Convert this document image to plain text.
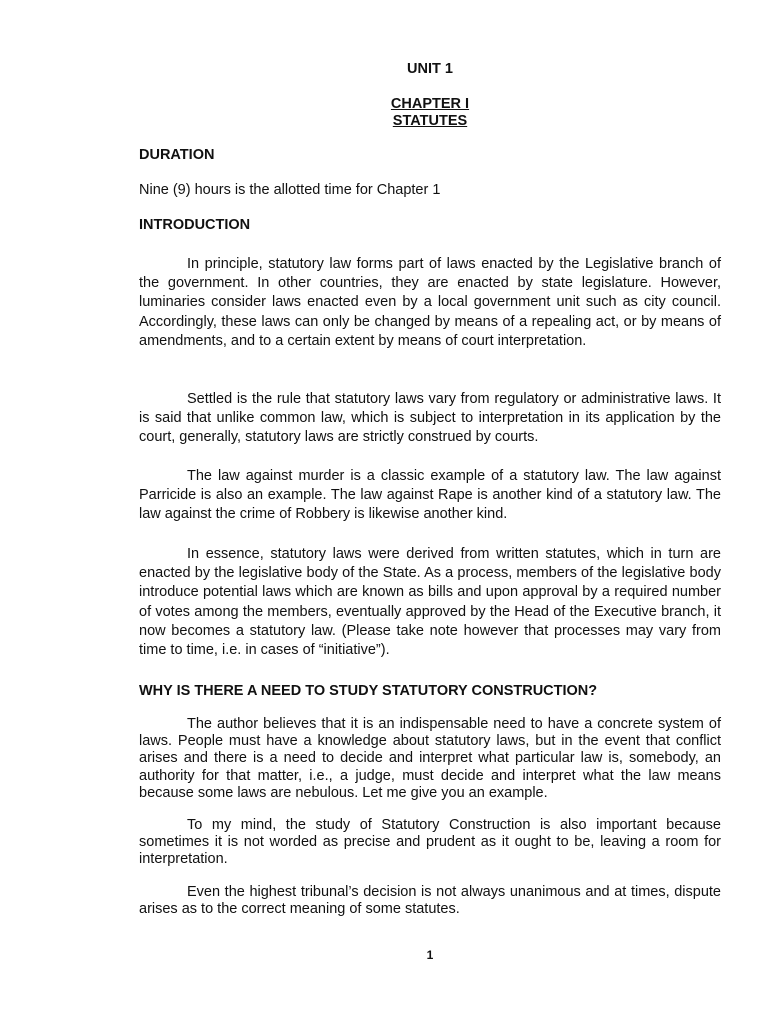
UNIT 1
CHAPTER I
STATUTES
DURATION
Nine (9) hours is the allotted time for Chapter 1
INTRODUCTION
In principle, statutory law forms part of laws enacted by the Legislative branch of the government. In other countries, they are enacted by state legislature. However, luminaries consider laws enacted even by a local government unit such as city council. Accordingly, these laws can only be changed by means of a repealing act, or by means of amendments, and to a certain extent by means of court interpretation.
Settled is the rule that statutory laws vary from regulatory or administrative laws. It is said that unlike common law, which is subject to interpretation in its application by the court, generally, statutory laws are strictly construed by courts.
The law against murder is a classic example of a statutory law. The law against Parricide is also an example. The law against Rape is another kind of a statutory law. The law against the crime of Robbery is likewise another kind.
In essence, statutory laws were derived from written statutes, which in turn are enacted by the legislative body of the State. As a process, members of the legislative body introduce potential laws which are known as bills and upon approval by a required number of votes among the members, eventually approved by the Head of the Executive branch, it now becomes a statutory law. (Please take note however that processes may vary from time to time, i.e. in cases of “initiative”).
WHY IS THERE A NEED TO STUDY STATUTORY CONSTRUCTION?
The author believes that it is an indispensable need to have a concrete system of laws. People must have a knowledge about statutory laws, but in the event that conflict arises and there is a need to decide and interpret what particular law is, somebody, an authority for that matter, i.e., a judge, must decide and interpret what the law means because some laws are nebulous. Let me give you an example.
To my mind, the study of Statutory Construction is also important because sometimes it is not worded as precise and prudent as it ought to be, leaving a room for interpretation.
Even the highest tribunal’s decision is not always unanimous and at times, dispute arises as to the correct meaning of some statutes.
1
